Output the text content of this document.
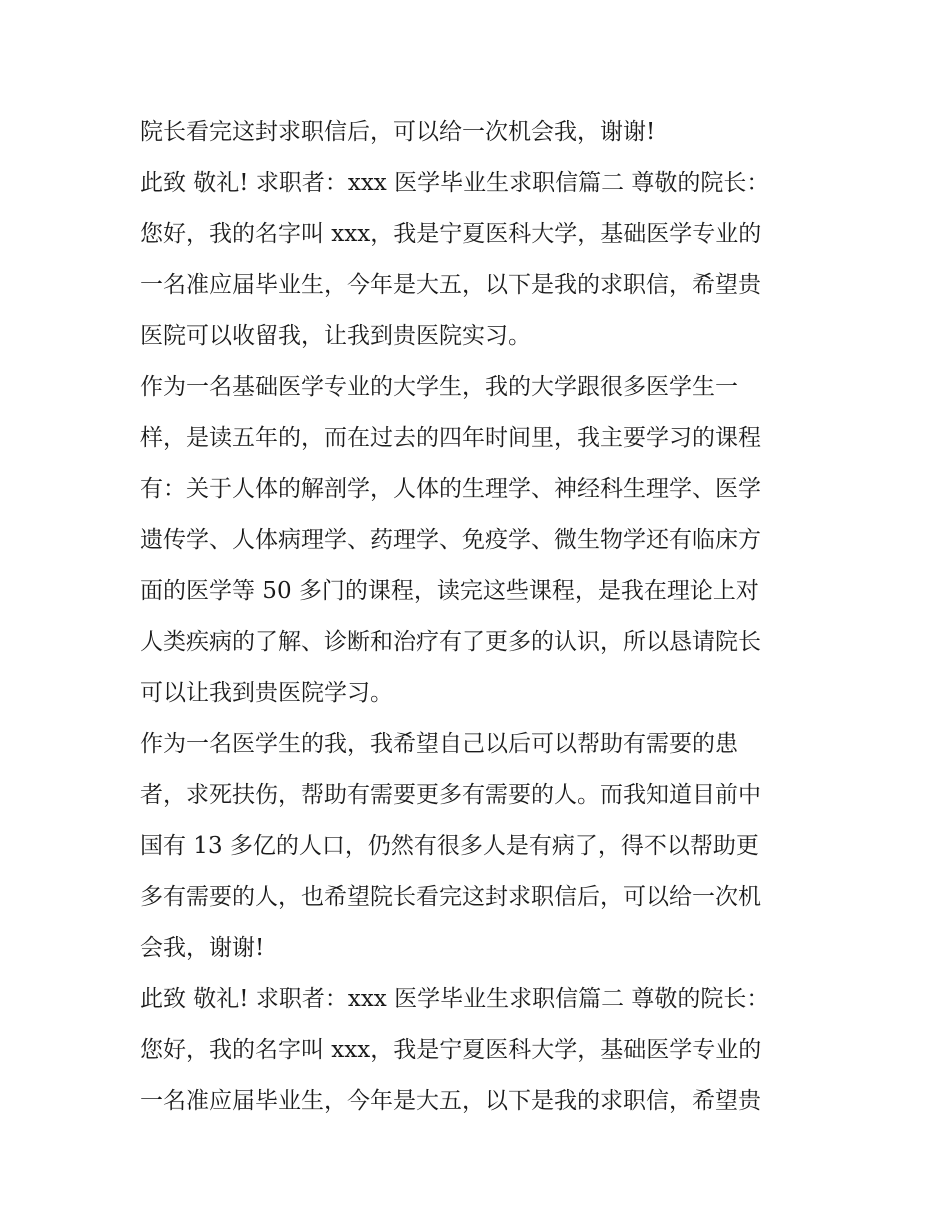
院长看完这封求职信后，可以给一次机会我，谢谢!
此致 敬礼! 求职者：xxx 医学毕业生求职信篇二 尊敬的院长：
您好，我的名字叫 xxx，我是宁夏医科大学，基础医学专业的
一名准应届毕业生，今年是大五，以下是我的求职信，希望贵
医院可以收留我，让我到贵医院实习。
作为一名基础医学专业的大学生，我的大学跟很多医学生一
样，是读五年的，而在过去的四年时间里，我主要学习的课程
有：关于人体的解剖学，人体的生理学、神经科生理学、医学
遗传学、人体病理学、药理学、免疫学、微生物学还有临床方
面的医学等 50 多门的课程，读完这些课程，是我在理论上对
人类疾病的了解、诊断和治疗有了更多的认识，所以恳请院长
可以让我到贵医院学习。
作为一名医学生的我，我希望自己以后可以帮助有需要的患
者，求死扶伤，帮助有需要更多有需要的人。而我知道目前中
国有 13 多亿的人口，仍然有很多人是有病了，得不以帮助更
多有需要的人，也希望院长看完这封求职信后，可以给一次机
会我，谢谢!
此致 敬礼! 求职者：xxx 医学毕业生求职信篇二 尊敬的院长：
您好，我的名字叫 xxx，我是宁夏医科大学，基础医学专业的
一名准应届毕业生，今年是大五，以下是我的求职信，希望贵
